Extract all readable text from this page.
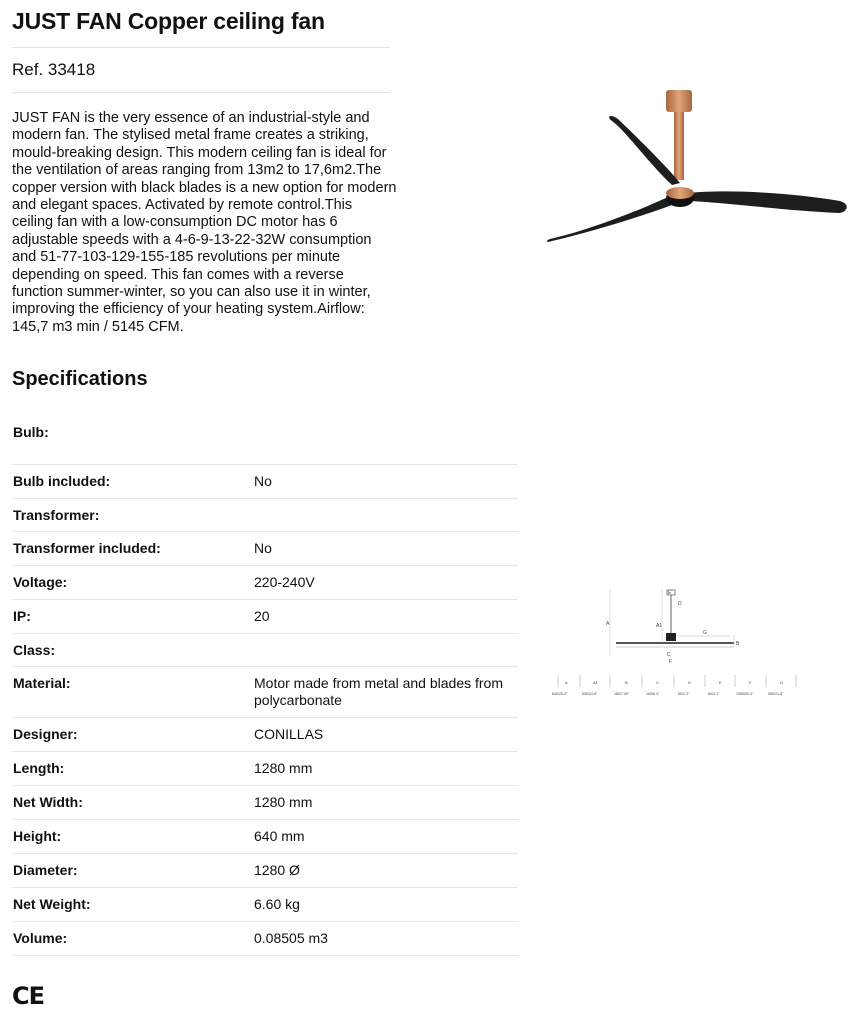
JUST FAN Copper ceiling fan

Ref. 33418

JUST FAN is the very essence of an industrial-style and modern fan. The stylised metal frame creates a striking, mould-breaking design. This modern ceiling fan is ideal for the ventilation of areas ranging from 13m2 to 17,6m2.The copper version with black blades is a new option for modern and elegant spaces. Activated by remote control.This ceiling fan with a low-consumption DC motor has 6 adjustable speeds with a 4-6-9-13-22-32W consumption and 51-77-103-129-155-185 revolutions per minute depending on speed. This fan comes with a reverse function summer-winter, so you can also use it in winter, improving the efficiency of your heating system.Airflow: 145,7 m3 min / 5145 CFM.

Specifications
Bulb:	
Bulb included:	No
Transformer:	
Transformer included:	No
Voltage:	220-240V
IP:	20
Class:	
Material:	Motor made from metal and blades from polycarbonate
Designer:	CONILLAS
Length:	1280 mm
Net Width:	1280 mm
Height:	640 mm
Diameter:	1280 Ø
Net Weight:	6.60 kg
Volume:	0.08505 m3
A	A1
B
C
D
E
F
G
A	A1	B	C	D	E	F	G
640/25.2"	630/24.8"	180/7.05"	160/6.3"	60/2.3"	80/3.1"	1280/50.4"	555/21.8"
CE
